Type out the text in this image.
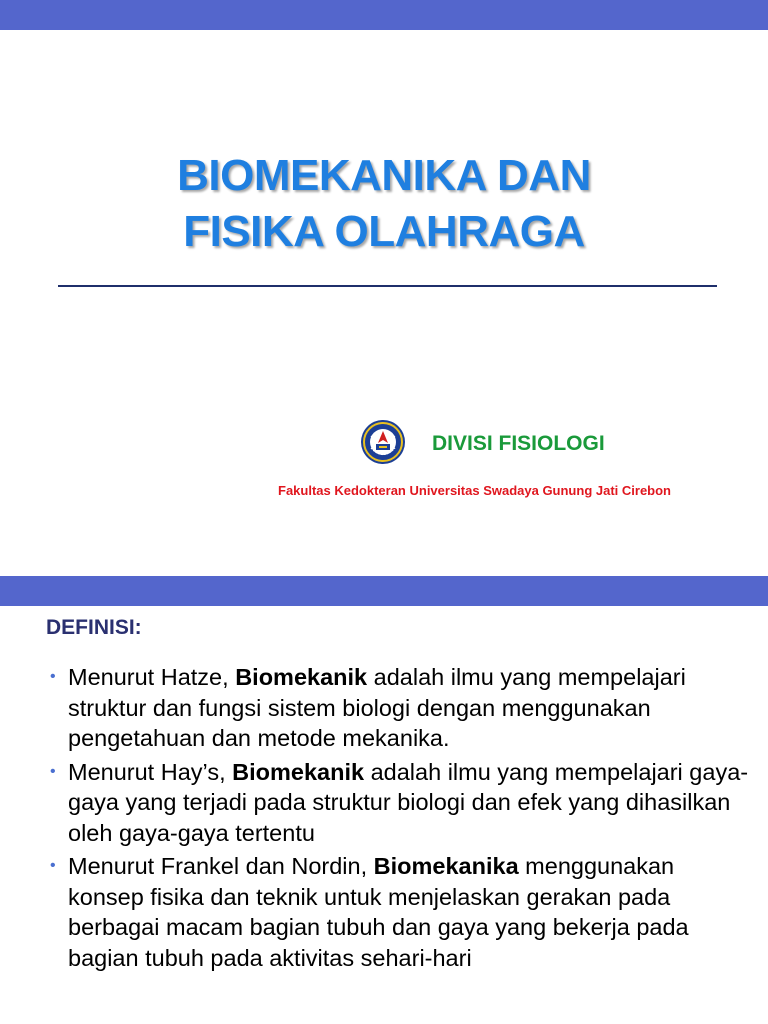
BIOMEKANIKA DAN
FISIKA OLAHRAGA
DIVISI FISIOLOGI
Fakultas Kedokteran Universitas Swadaya Gunung Jati Cirebon
DEFINISI:
• Menurut Hatze, Biomekanik adalah ilmu yang mempelajari struktur dan fungsi sistem biologi dengan menggunakan pengetahuan dan metode mekanika.
• Menurut Hay’s, Biomekanik adalah ilmu yang mempelajari gaya-gaya yang terjadi pada struktur biologi dan efek yang dihasilkan oleh gaya-gaya tertentu
• Menurut Frankel dan Nordin, Biomekanika menggunakan konsep fisika dan teknik untuk menjelaskan gerakan pada berbagai macam bagian tubuh dan gaya yang bekerja pada bagian tubuh pada aktivitas sehari-hari
